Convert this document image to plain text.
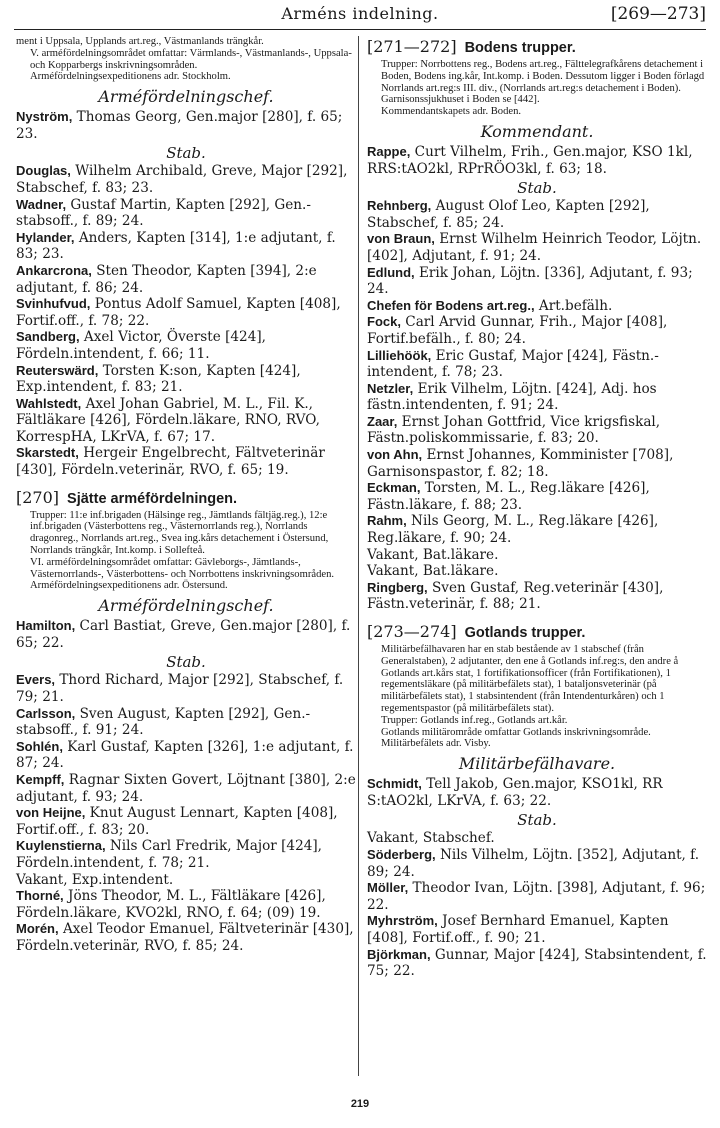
Arméns indelning.	[269—273]
ment i Uppsala, Upplands art.reg., Västmanlands trängkår.
V. arméfördelningsområdet omfattar: Värmlands-, Västmanlands-, Uppsala- och Kopparbergs inskrivningsområden.
Arméfördelningsexpeditionens adr. Stockholm.
Arméfördelningschef.
Nyström, Thomas Georg, Gen.major [280], f. 65; 23.
Stab.
Douglas, Wilhelm Archibald, Greve, Major [292], Stabschef, f. 83; 23.
Wadner, Gustaf Martin, Kapten [292], Gen.-stabsoff., f. 89; 24.
Hylander, Anders, Kapten [314], 1:e adjutant, f. 83; 23.
Ankarcrona, Sten Theodor, Kapten [394], 2:e adjutant, f. 86; 24.
Svinhufvud, Pontus Adolf Samuel, Kapten [408], Fortif.off., f. 78; 22.
Sandberg, Axel Victor, Överste [424], Fördeln.intendent, f. 66; 11.
Reuterswärd, Torsten K:son, Kapten [424], Exp.intendent, f. 83; 21.
Wahlstedt, Axel Johan Gabriel, M. L., Fil. K., Fältläkare [426], Fördeln.läkare, RNO, RVO, KorrespHA, LKrVA, f. 67; 17.
Skarstedt, Hergeir Engelbrecht, Fältveterinär [430], Fördeln.veterinär, RVO, f. 65; 19.
[270] Sjätte arméfördelningen.
Trupper: 11:e inf.brigaden (Hälsinge reg., Jämtlands fältjäg.reg.), 12:e inf.brigaden (Västerbottens reg., Västernorrlands reg.), Norrlands dragonreg., Norrlands art.reg., Svea ing.kårs detachement i Östersund, Norrlands trängkår, Int.komp. i Sollefteå.
VI. arméfördelningsområdet omfattar: Gävleborgs-, Jämtlands-, Västernorrlands-, Västerbottens- och Norrbottens inskrivningsområden.
Arméfördelningsexpeditionens adr. Östersund.
Arméfördelningschef.
Hamilton, Carl Bastiat, Greve, Gen.major [280], f. 65; 22.
Stab.
Evers, Thord Richard, Major [292], Stabschef, f. 79; 21.
Carlsson, Sven August, Kapten [292], Gen.-stabsoff., f. 91; 24.
Sohlén, Karl Gustaf, Kapten [326], 1:e adjutant, f. 87; 24.
Kempff, Ragnar Sixten Govert, Löjtnant [380], 2:e adjutant, f. 93; 24.
von Heijne, Knut August Lennart, Kapten [408], Fortif.off., f. 83; 20.
Kuylenstierna, Nils Carl Fredrik, Major [424], Fördeln.intendent, f. 78; 21.
Vakant, Exp.intendent.
Thorné, Jöns Theodor, M. L., Fältläkare [426], Fördeln.läkare, KVO2kl, RNO, f. 64; (09) 19.
Morén, Axel Teodor Emanuel, Fältveterinär [430], Fördeln.veterinär, RVO, f. 85; 24.
[271—272] Bodens trupper.
Trupper: Norrbottens reg., Bodens art.reg., Fälttelegrafkårens detachement i Boden, Bodens ing.kår, Int.komp. i Boden. Dessutom ligger i Boden förlagd Norrlands art.reg:s III. div., (Norrlands art.reg:s detachement i Boden).
Garnisonssjukhuset i Boden se [442].
Kommendantskapets adr. Boden.
Kommendant.
Rappe, Curt Vilhelm, Frih., Gen.major, KSO 1kl, RRS:tAO2kl, RPrRÖO3kl, f. 63; 18.
Stab.
Rehnberg, August Olof Leo, Kapten [292], Stabschef, f. 85; 24.
von Braun, Ernst Wilhelm Heinrich Teodor, Löjtn. [402], Adjutant, f. 91; 24.
Edlund, Erik Johan, Löjtn. [336], Adjutant, f. 93; 24.
Chefen för Bodens art.reg., Art.befälh.
Fock, Carl Arvid Gunnar, Frih., Major [408], Fortif.befälh., f. 80; 24.
Lilliehöök, Eric Gustaf, Major [424], Fästn.-intendent, f. 78; 23.
Netzler, Erik Vilhelm, Löjtn. [424], Adj. hos fästn.intendenten, f. 91; 24.
Zaar, Ernst Johan Gottfrid, Vice krigsfiskal, Fästn.poliskommissarie, f. 83; 20.
von Ahn, Ernst Johannes, Komminister [708], Garnisonspastor, f. 82; 18.
Eckman, Torsten, M. L., Reg.läkare [426], Fästn.läkare, f. 88; 23.
Rahm, Nils Georg, M. L., Reg.läkare [426], Reg.läkare, f. 90; 24.
Vakant, Bat.läkare.
Vakant, Bat.läkare.
Ringberg, Sven Gustaf, Reg.veterinär [430], Fästn.veterinär, f. 88; 21.
[273—274] Gotlands trupper.
Militärbefälhavaren har en stab bestående av 1 stabschef (från Generalstaben), 2 adjutanter, den ene å Gotlands inf.reg:s, den andre å Gotlands art.kårs stat, 1 fortifikationsofficer (från Fortifikationen), 1 regementsläkare (på militärbefälets stat), 1 bataljonsveterinär (på militärbefälets stat), 1 stabsintendent (från Intendenturkåren) och 1 regementspastor (på militärbefälets stat).
Trupper: Gotlands inf.reg., Gotlands art.kår.
Gotlands militärområde omfattar Gotlands inskrivningsområde.
Militärbefälets adr. Visby.
Militärbefälhavare.
Schmidt, Tell Jakob, Gen.major, KSO1kl, RR S:tAO2kl, LKrVA, f. 63; 22.
Stab.
Vakant, Stabschef.
Söderberg, Nils Vilhelm, Löjtn. [352], Adjutant, f. 89; 24.
Möller, Theodor Ivan, Löjtn. [398], Adjutant, f. 96; 22.
Myhrström, Josef Bernhard Emanuel, Kapten [408], Fortif.off., f. 90; 21.
Björkman, Gunnar, Major [424], Stabsintendent, f. 75; 22.
219
